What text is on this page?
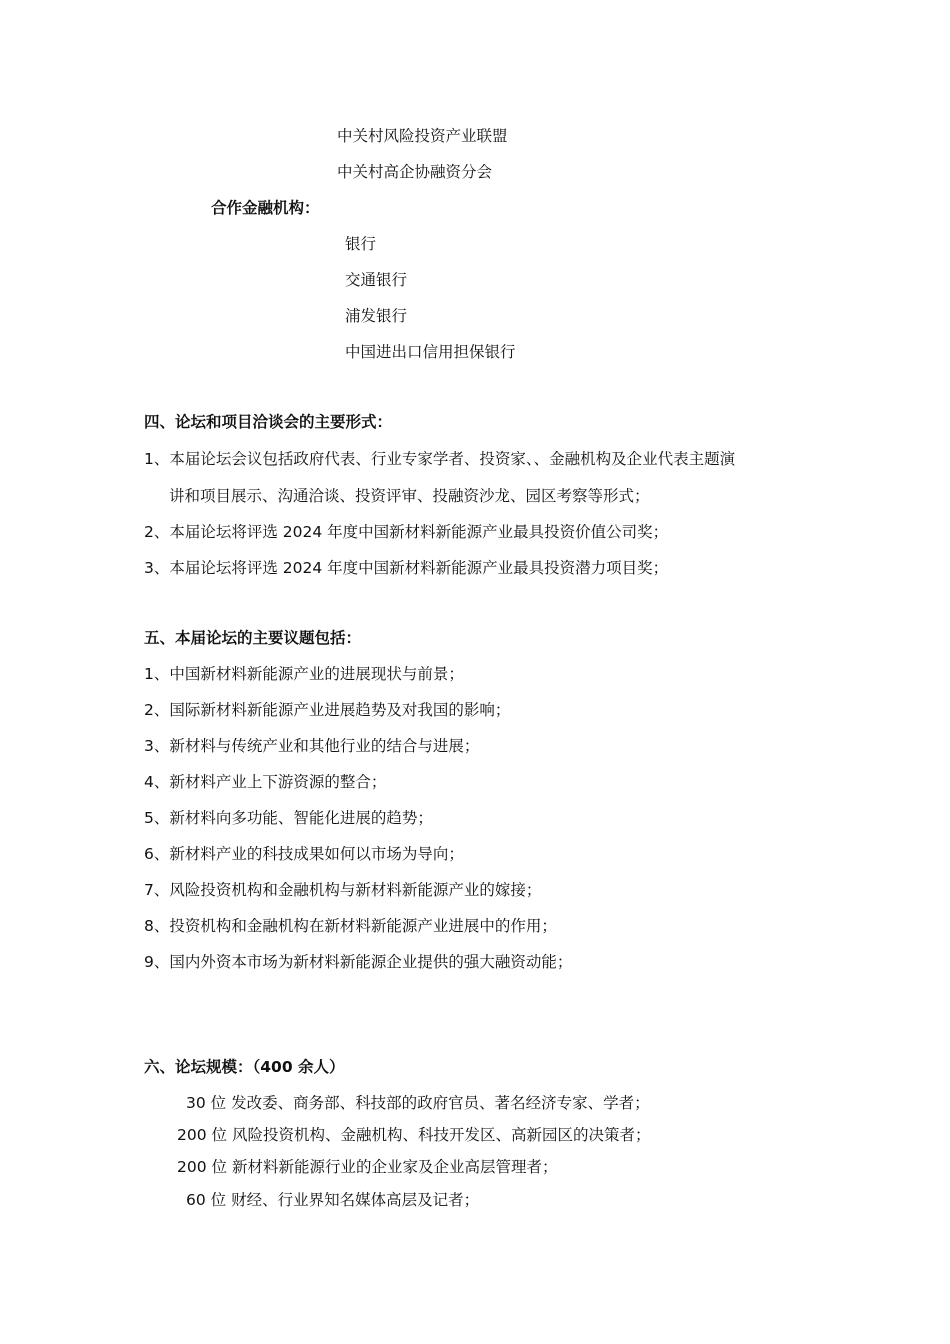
中关村风险投资产业联盟
中关村高企协融资分会
合作金融机构：
银行
交通银行
浦发银行
中国进出口信用担保银行
四、论坛和项目洽谈会的主要形式：
1、本届论坛会议包括政府代表、行业专家学者、投资家、、金融机构及企业代表主题演
讲和项目展示、沟通洽谈、投资评审、投融资沙龙、园区考察等形式；
2、本届论坛将评选 2024 年度中国新材料新能源产业最具投资价值公司奖；
3、本届论坛将评选 2024 年度中国新材料新能源产业最具投资潜力项目奖；
五、本届论坛的主要议题包括：
1、中国新材料新能源产业的进展现状与前景；
2、国际新材料新能源产业进展趋势及对我国的影响；
3、新材料与传统产业和其他行业的结合与进展；
4、新材料产业上下游资源的整合；
5、新材料向多功能、智能化进展的趋势；
6、新材料产业的科技成果如何以市场为导向；
7、风险投资机构和金融机构与新材料新能源产业的嫁接；
8、投资机构和金融机构在新材料新能源产业进展中的作用；
9、国内外资本市场为新材料新能源企业提供的强大融资动能；
六、论坛规模：（400 余人）
30 位 发改委、商务部、科技部的政府官员、著名经济专家、学者；
200 位 风险投资机构、金融机构、科技开发区、高新园区的决策者；
200 位 新材料新能源行业的企业家及企业高层管理者；
60 位 财经、行业界知名媒体高层及记者；
